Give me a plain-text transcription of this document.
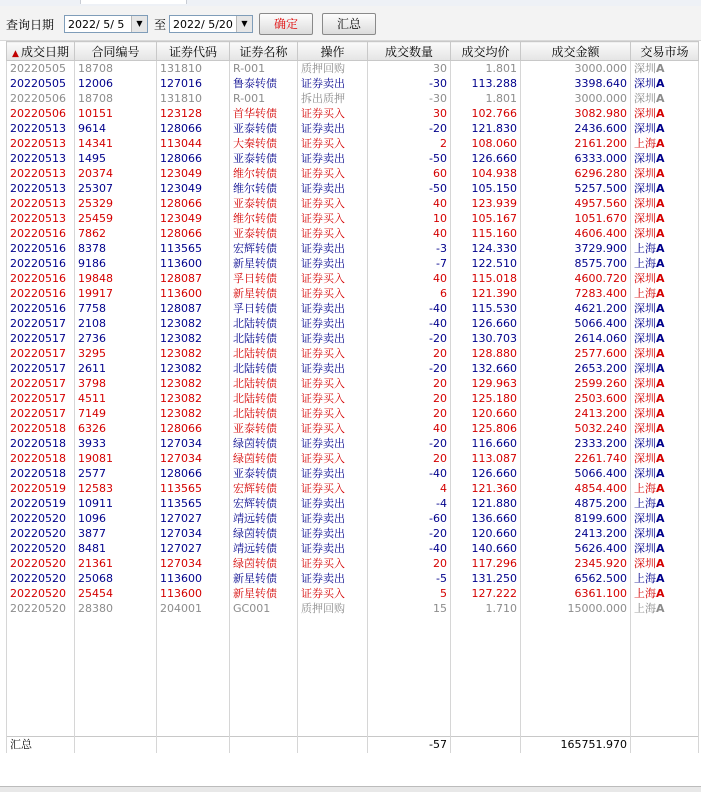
查询日期	2022/ 5/ 5	▼ 至 2022/ 5/20	▼	确定	汇总
▲ 成交日期	合同编号	证券代码	证券名称	操作	成交数量	成交均价	成交金额	交易市场
20220505	18708	131810	R-001	质押回购	30	1.801	3000.000	深圳A
20220505	12006	127016	鲁泰转债	证券卖出	-30	113.288	3398.640	深圳A
20220506	18708	131810	R-001	拆出质押	-30	1.801	3000.000	深圳A
20220506	10151	123128	首华转债	证券买入	30	102.766	3082.980	深圳A
20220513	9614	128066	亚泰转债	证券卖出	-20	121.830	2436.600	深圳A
20220513	14341	113044	大秦转债	证券买入	2	108.060	2161.200	上海A
20220513	1495	128066	亚泰转债	证券卖出	-50	126.660	6333.000	深圳A
20220513	20374	123049	维尔转债	证券买入	60	104.938	6296.280	深圳A
20220513	25307	123049	维尔转债	证券卖出	-50	105.150	5257.500	深圳A
20220513	25329	128066	亚泰转债	证券买入	40	123.939	4957.560	深圳A
20220513	25459	123049	维尔转债	证券买入	10	105.167	1051.670	深圳A
20220516	7862	128066	亚泰转债	证券买入	40	115.160	4606.400	深圳A
20220516	8378	113565	宏辉转债	证券卖出	-3	124.330	3729.900	上海A
20220516	9186	113600	新星转债	证券卖出	-7	122.510	8575.700	上海A
20220516	19848	128087	孚日转债	证券买入	40	115.018	4600.720	深圳A
20220516	19917	113600	新星转债	证券买入	6	121.390	7283.400	上海A
20220516	7758	128087	孚日转债	证券卖出	-40	115.530	4621.200	深圳A
20220517	2108	123082	北陆转债	证券卖出	-40	126.660	5066.400	深圳A
20220517	2736	123082	北陆转债	证券卖出	-20	130.703	2614.060	深圳A
20220517	3295	123082	北陆转债	证券买入	20	128.880	2577.600	深圳A
20220517	2611	123082	北陆转债	证券卖出	-20	132.660	2653.200	深圳A
20220517	3798	123082	北陆转债	证券买入	20	129.963	2599.260	深圳A
20220517	4511	123082	北陆转债	证券买入	20	125.180	2503.600	深圳A
20220517	7149	123082	北陆转债	证券买入	20	120.660	2413.200	深圳A
20220518	6326	128066	亚泰转债	证券买入	40	125.806	5032.240	深圳A
20220518	3933	127034	绿茵转债	证券卖出	-20	116.660	2333.200	深圳A
20220518	19081	127034	绿茵转债	证券买入	20	113.087	2261.740	深圳A
20220518	2577	128066	亚泰转债	证券卖出	-40	126.660	5066.400	深圳A
20220519	12583	113565	宏辉转债	证券买入	4	121.360	4854.400	上海A
20220519	10911	113565	宏辉转债	证券卖出	-4	121.880	4875.200	上海A
20220520	1096	127027	靖远转债	证券卖出	-60	136.660	8199.600	深圳A
20220520	3877	127034	绿茵转债	证券卖出	-20	120.660	2413.200	深圳A
20220520	8481	127027	靖远转债	证券卖出	-40	140.660	5626.400	深圳A
20220520	21361	127034	绿茵转债	证券买入	20	117.296	2345.920	深圳A
20220520	25068	113600	新星转债	证券卖出	-5	131.250	6562.500	上海A
20220520	25454	113600	新星转债	证券买入	5	127.222	6361.100	上海A
20220520	28380	204001	GC001	质押回购	15	1.710	15000.000	上海A

汇总					-57		165751.970	
